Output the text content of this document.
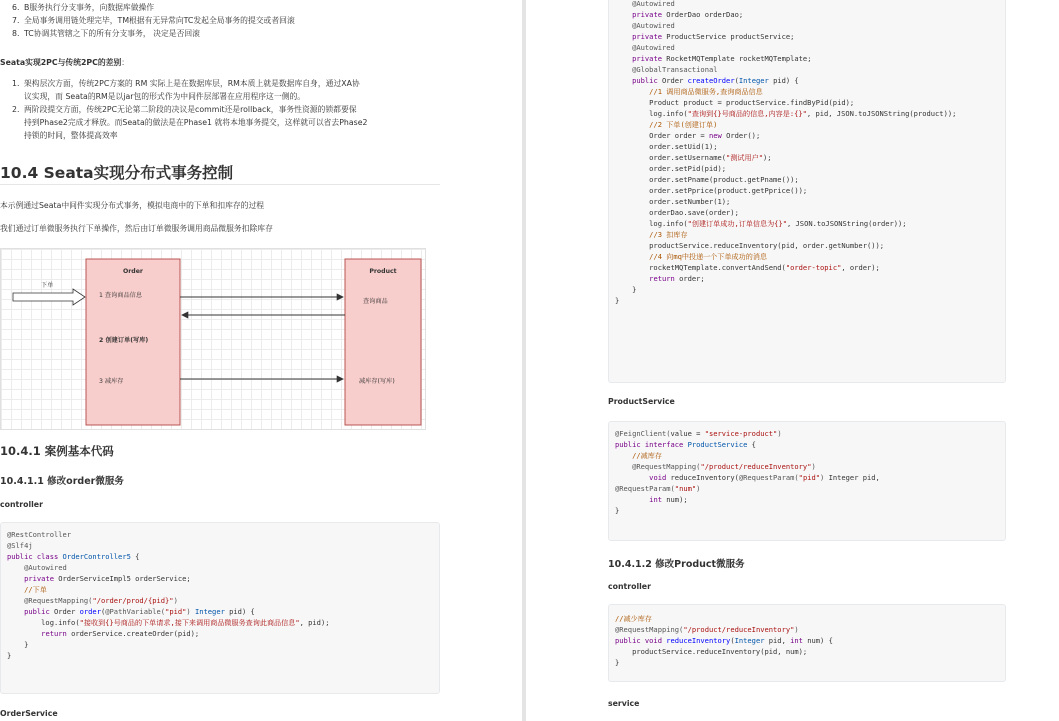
6. B服务执行分支事务，向数据库做操作
7. 全局事务调用链处理完毕，TM根据有无异常向TC发起全局事务的提交或者回滚
8. TC协调其管辖之下的所有分支事务， 决定是否回滚
Seata实现2PC与传统2PC的差别：
1. 架构层次方面，传统2PC方案的 RM 实际上是在数据库层，RM本质上就是数据库自身，通过XA协
议实现，而 Seata的RM是以jar包的形式作为中间件层部署在应用程序这一侧的。
2. 两阶段提交方面，传统2PC无论第二阶段的决议是commit还是rollback，事务性资源的锁都要保
持到Phase2完成才释放。而Seata的做法是在Phase1 就将本地事务提交，这样就可以省去Phase2
持锁的时间，整体提高效率
10.4 Seata实现分布式事务控制
本示例通过Seata中间件实现分布式事务，模拟电商中的下单和扣库存的过程
我们通过订单微服务执行下单操作，然后由订单微服务调用商品微服务扣除库存
Order
1 查询商品信息
2 创建订单(写库)
3 减库存
Product
查询商品
减库存(写库)
下单
10.4.1 案例基本代码
10.4.1.1 修改order微服务
controller
@RestController
@Slf4j
public class OrderController5 {
@Autowired
private OrderServiceImpl5 orderService;
//下单
@RequestMapping("/order/prod/{pid}")
public Order order(@PathVariable("pid") Integer pid) {
log.info("接收到{}号商品的下单请求,接下来调用商品微服务查询此商品信息", pid);
return orderService.createOrder(pid);
}
}
OrderService
@Autowired
private OrderDao orderDao;
@Autowired
private ProductService productService;
@Autowired
private RocketMQTemplate rocketMQTemplate;
@GlobalTransactional
public Order createOrder(Integer pid) {
//1 调用商品微服务,查询商品信息
Product product = productService.findByPid(pid);
log.info("查询到{}号商品的信息,内容是:{}", pid, JSON.toJSONString(product));
//2 下单(创建订单)
Order order = new Order();
order.setUid(1);
order.setUsername("测试用户");
order.setPid(pid);
order.setPname(product.getPname());
order.setPprice(product.getPprice());
order.setNumber(1);
orderDao.save(order);
log.info("创建订单成功,订单信息为{}", JSON.toJSONString(order));
//3 扣库存
productService.reduceInventory(pid, order.getNumber());
//4 向mq中投递一个下单成功的消息
rocketMQTemplate.convertAndSend("order-topic", order);
return order;
}
}
ProductService
@FeignClient(value = "service-product")
public interface ProductService {
//减库存
@RequestMapping("/product/reduceInventory")
void reduceInventory(@RequestParam("pid") Integer pid,
@RequestParam("num")
int num);
}
10.4.1.2 修改Product微服务
controller
//减少库存
@RequestMapping("/product/reduceInventory")
public void reduceInventory(Integer pid, int num) {
productService.reduceInventory(pid, num);
}
service
